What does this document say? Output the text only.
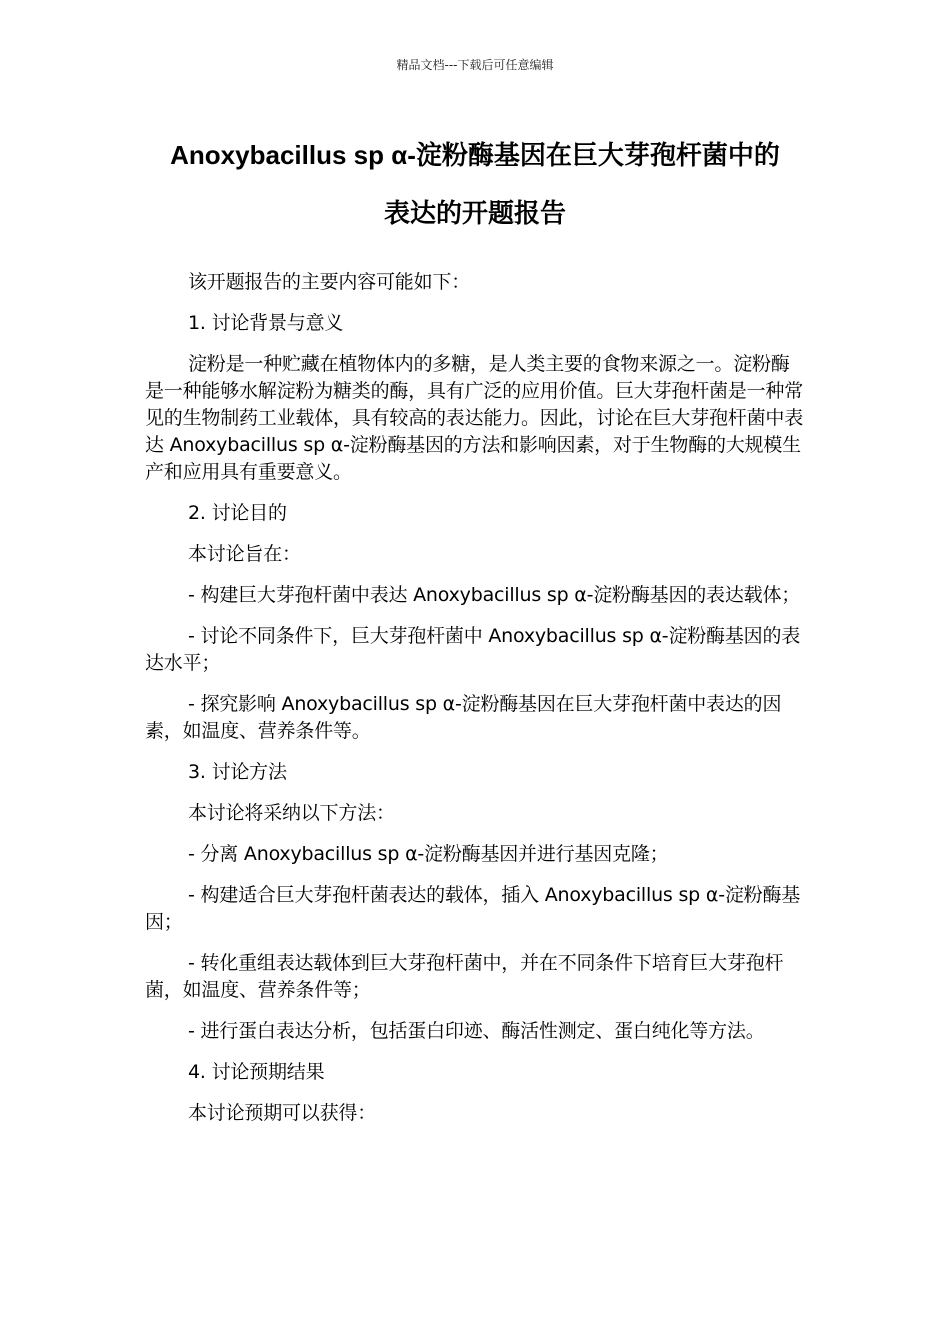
精品文档---下载后可任意编辑
Anoxybacillus sp α-淀粉酶基因在巨大芽孢杆菌中的
表达的开题报告

该开题报告的主要内容可能如下：

1. 讨论背景与意义

淀粉是一种贮藏在植物体内的多糖，是人类主要的食物来源之一。淀粉酶是一种能够水解淀粉为糖类的酶，具有广泛的应用价值。巨大芽孢杆菌是一种常见的生物制药工业载体，具有较高的表达能力。因此，讨论在巨大芽孢杆菌中表达 Anoxybacillus sp α-淀粉酶基因的方法和影响因素，对于生物酶的大规模生产和应用具有重要意义。

2. 讨论目的

本讨论旨在：

- 构建巨大芽孢杆菌中表达 Anoxybacillus sp α-淀粉酶基因的表达载体；

- 讨论不同条件下，巨大芽孢杆菌中 Anoxybacillus sp α-淀粉酶基因的表达水平；

- 探究影响 Anoxybacillus sp α-淀粉酶基因在巨大芽孢杆菌中表达的因素，如温度、营养条件等。

3. 讨论方法

本讨论将采纳以下方法：

- 分离 Anoxybacillus sp α-淀粉酶基因并进行基因克隆；

- 构建适合巨大芽孢杆菌表达的载体，插入 Anoxybacillus sp α-淀粉酶基因；

- 转化重组表达载体到巨大芽孢杆菌中，并在不同条件下培育巨大芽孢杆菌，如温度、营养条件等；

- 进行蛋白表达分析，包括蛋白印迹、酶活性测定、蛋白纯化等方法。

4. 讨论预期结果

本讨论预期可以获得：
